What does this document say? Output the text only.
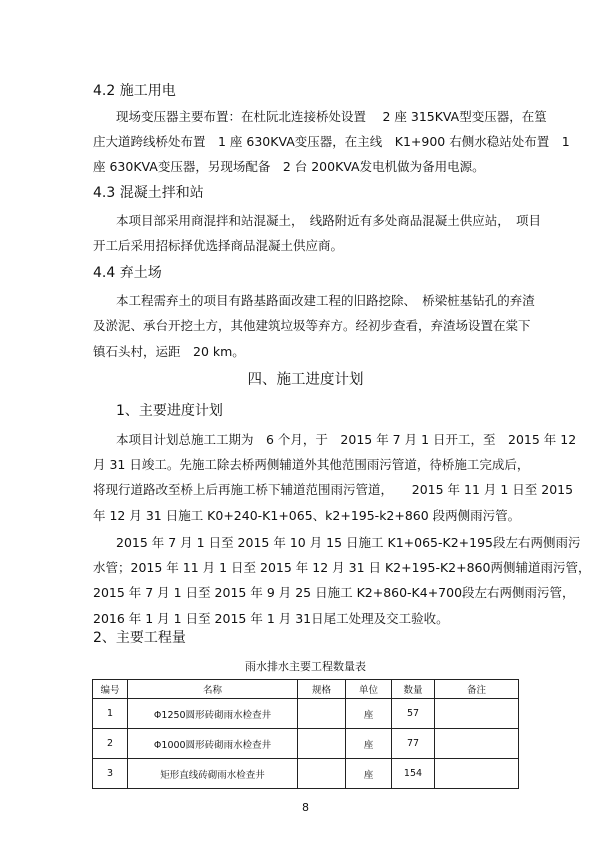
4.2 施工用电
现场变压器主要布置：在杜阮北连接桥处设置　 2 座 315KVA型变压器，在篁
庄大道跨线桥处布置　1 座 630KVA变压器，在主线　K1+900 右侧水稳站处布置　1
座 630KVA变压器，另现场配备　2 台 200KVA发电机做为备用电源。
4.3 混凝土拌和站
本项目部采用商混拌和站混凝土，　线路附近有多处商品混凝土供应站，　项目
开工后采用招标择优选择商品混凝土供应商。
4.4 弃土场
本工程需弃土的项目有路基路面改建工程的旧路挖除、　桥梁桩基钻孔的弃渣
及淤泥、承台开挖土方，其他建筑垃圾等弃方。经初步查看，弃渣场设置在棠下
镇石头村，运距　20 km。
四、施工进度计划
1、主要进度计划
本项目计划总施工工期为　6 个月，于　2015 年 7 月 1 日开工，至　2015 年 12
月 31 日竣工。先施工除去桥两侧辅道外其他范围雨污管道，待桥施工完成后，
将现行道路改至桥上后再施工桥下辅道范围雨污管道，　　2015 年 11 月 1 日至 2015
年 12 月 31 日施工 K0+240-K1+065、k2+195-k2+860 段两侧雨污管。
2015 年 7 月 1 日至 2015 年 10 月 15 日施工 K1+065-K2+195段左右两侧雨污
水管；2015 年 11 月 1 日至 2015 年 12 月 31 日 K2+195-K2+860两侧辅道雨污管，
2015 年 7 月 1 日至 2015 年 9 月 25 日施工 K2+860-K4+700段左右两侧雨污管，
2016 年 1 月 1 日至 2015 年 1 月 31日尾工处理及交工验收。
2、主要工程量
雨水排水主要工程数量表
编号	名称	规格	单位	数量	备注
1	Φ1250圆形砖砌雨水检查井		座	57	
2	Φ1000圆形砖砌雨水检查井		座	77	
3	矩形直线砖砌雨水检查井		座	154	
8
